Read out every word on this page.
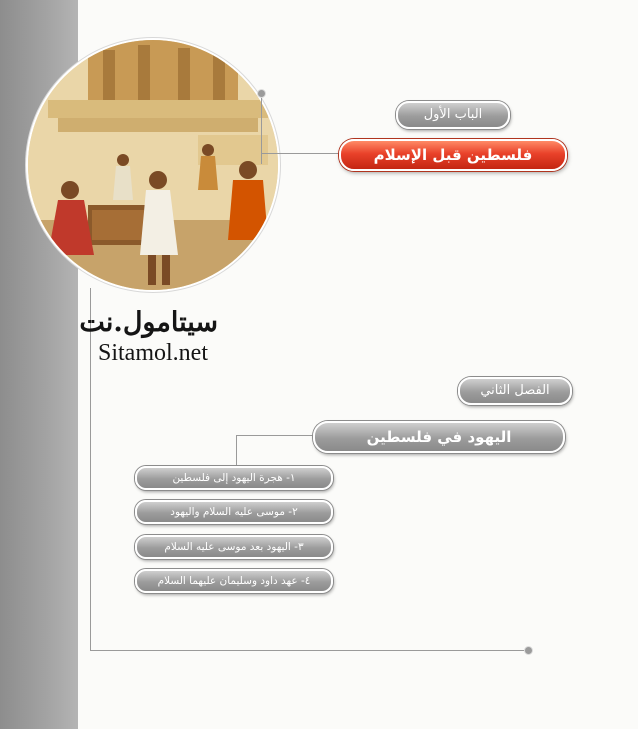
الباب الأول
فلسطين قبل الإسلام
سيتامول.نت
Sitamol.net
الفصل الثاني
اليهود في فلسطين
١- هجرة اليهود إلى فلسطين
٢- موسى عليه السلام واليهود
٣- اليهود بعد موسى عليه السلام
٤- عهد داود وسليمان عليهما السلام
